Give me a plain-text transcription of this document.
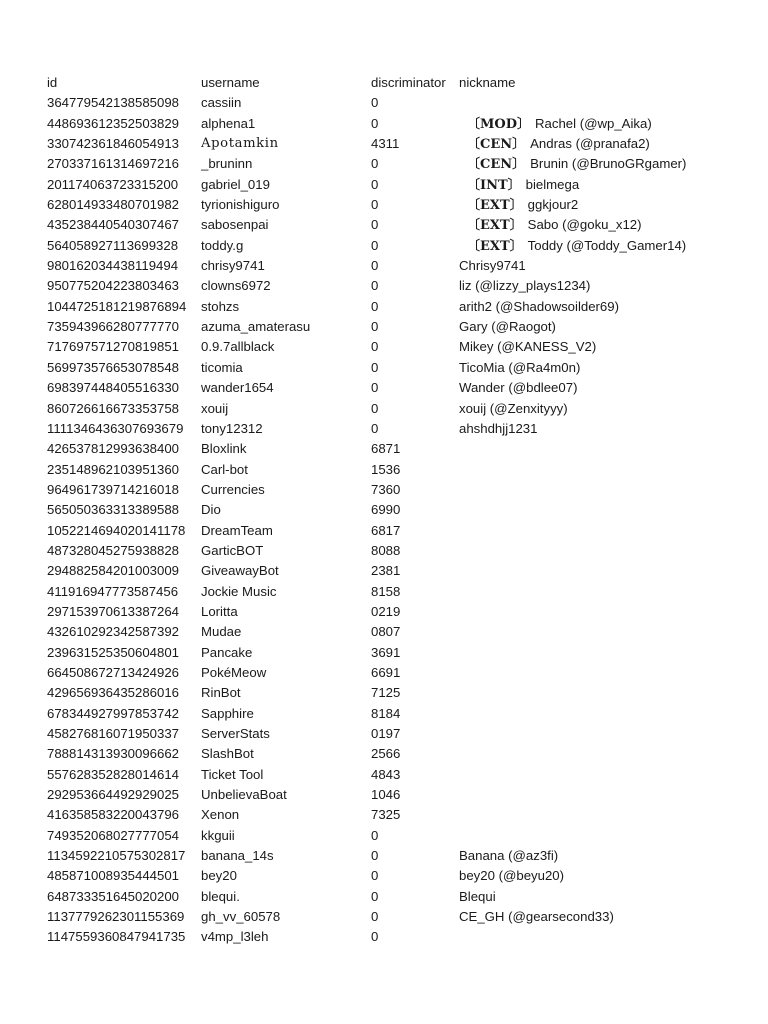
id	username	discriminator	nickname
364779542138585098	cassiin	0
448693612352503829	alphena1	0	〔MOD〕 Rachel (@wp_Aika)
330742361846054913	Apotamkin	4311	〔CEN〕 Andras (@pranafa2)
270337161314697216	_bruninn	0	〔CEN〕 Brunin (@BrunoGRgamer)
201174063723315200	gabriel_019	0	〔INT〕 bielmega
628014933480701982	tyrionishiguro	0	〔EXT〕 ggkjour2
435238440540307467	sabosenpai	0	〔EXT〕 Sabo (@goku_x12)
564058927113699328	toddy.g	0	〔EXT〕 Toddy (@Toddy_Gamer14)
980162034438119494	chrisy9741	0	Chrisy9741
950775204223803463	clowns6972	0	liz (@lizzy_plays1234)
1044725181219876894	stohzs	0	arith2 (@Shadowsoilder69)
735943966280777770	azuma_amaterasu	0	Gary (@Raogot)
717697571270819851	0.9.7allblack	0	Mikey (@KANESS_V2)
569973576653078548	ticomia	0	TicoMia (@Ra4m0n)
698397448405516330	wander1654	0	Wander (@bdlee07)
860726616673353758	xouij	0	xouij (@Zenxityyy)
1111346436307693679	tony12312	0	ahshdhjj1231
426537812993638400	Bloxlink	6871
235148962103951360	Carl-bot	1536
964961739714216018	Currencies	7360
565050363313389588	Dio	6990
1052214694020141178	DreamTeam	6817
487328045275938828	GarticBOT	8088
294882584201003009	GiveawayBot	2381
411916947773587456	Jockie Music	8158
297153970613387264	Loritta	0219
432610292342587392	Mudae	0807
239631525350604801	Pancake	3691
664508672713424926	PokéMeow	6691
429656936435286016	RinBot	7125
678344927997853742	Sapphire	8184
458276816071950337	ServerStats	0197
788814313930096662	SlashBot	2566
557628352828014614	Ticket Tool	4843
292953664492929025	UnbelievaBoat	1046
416358583220043796	Xenon	7325
749352068027777054	kkguii	0
1134592210575302817	banana_14s	0	Banana (@az3fi)
485871008935444501	bey20	0	bey20 (@beyu20)
648733351645020200	blequi.	0	Blequi
1137779262301155369	gh_vv_60578	0	CE_GH (@gearsecond33)
1147559360847941735	v4mp_l3leh	0
